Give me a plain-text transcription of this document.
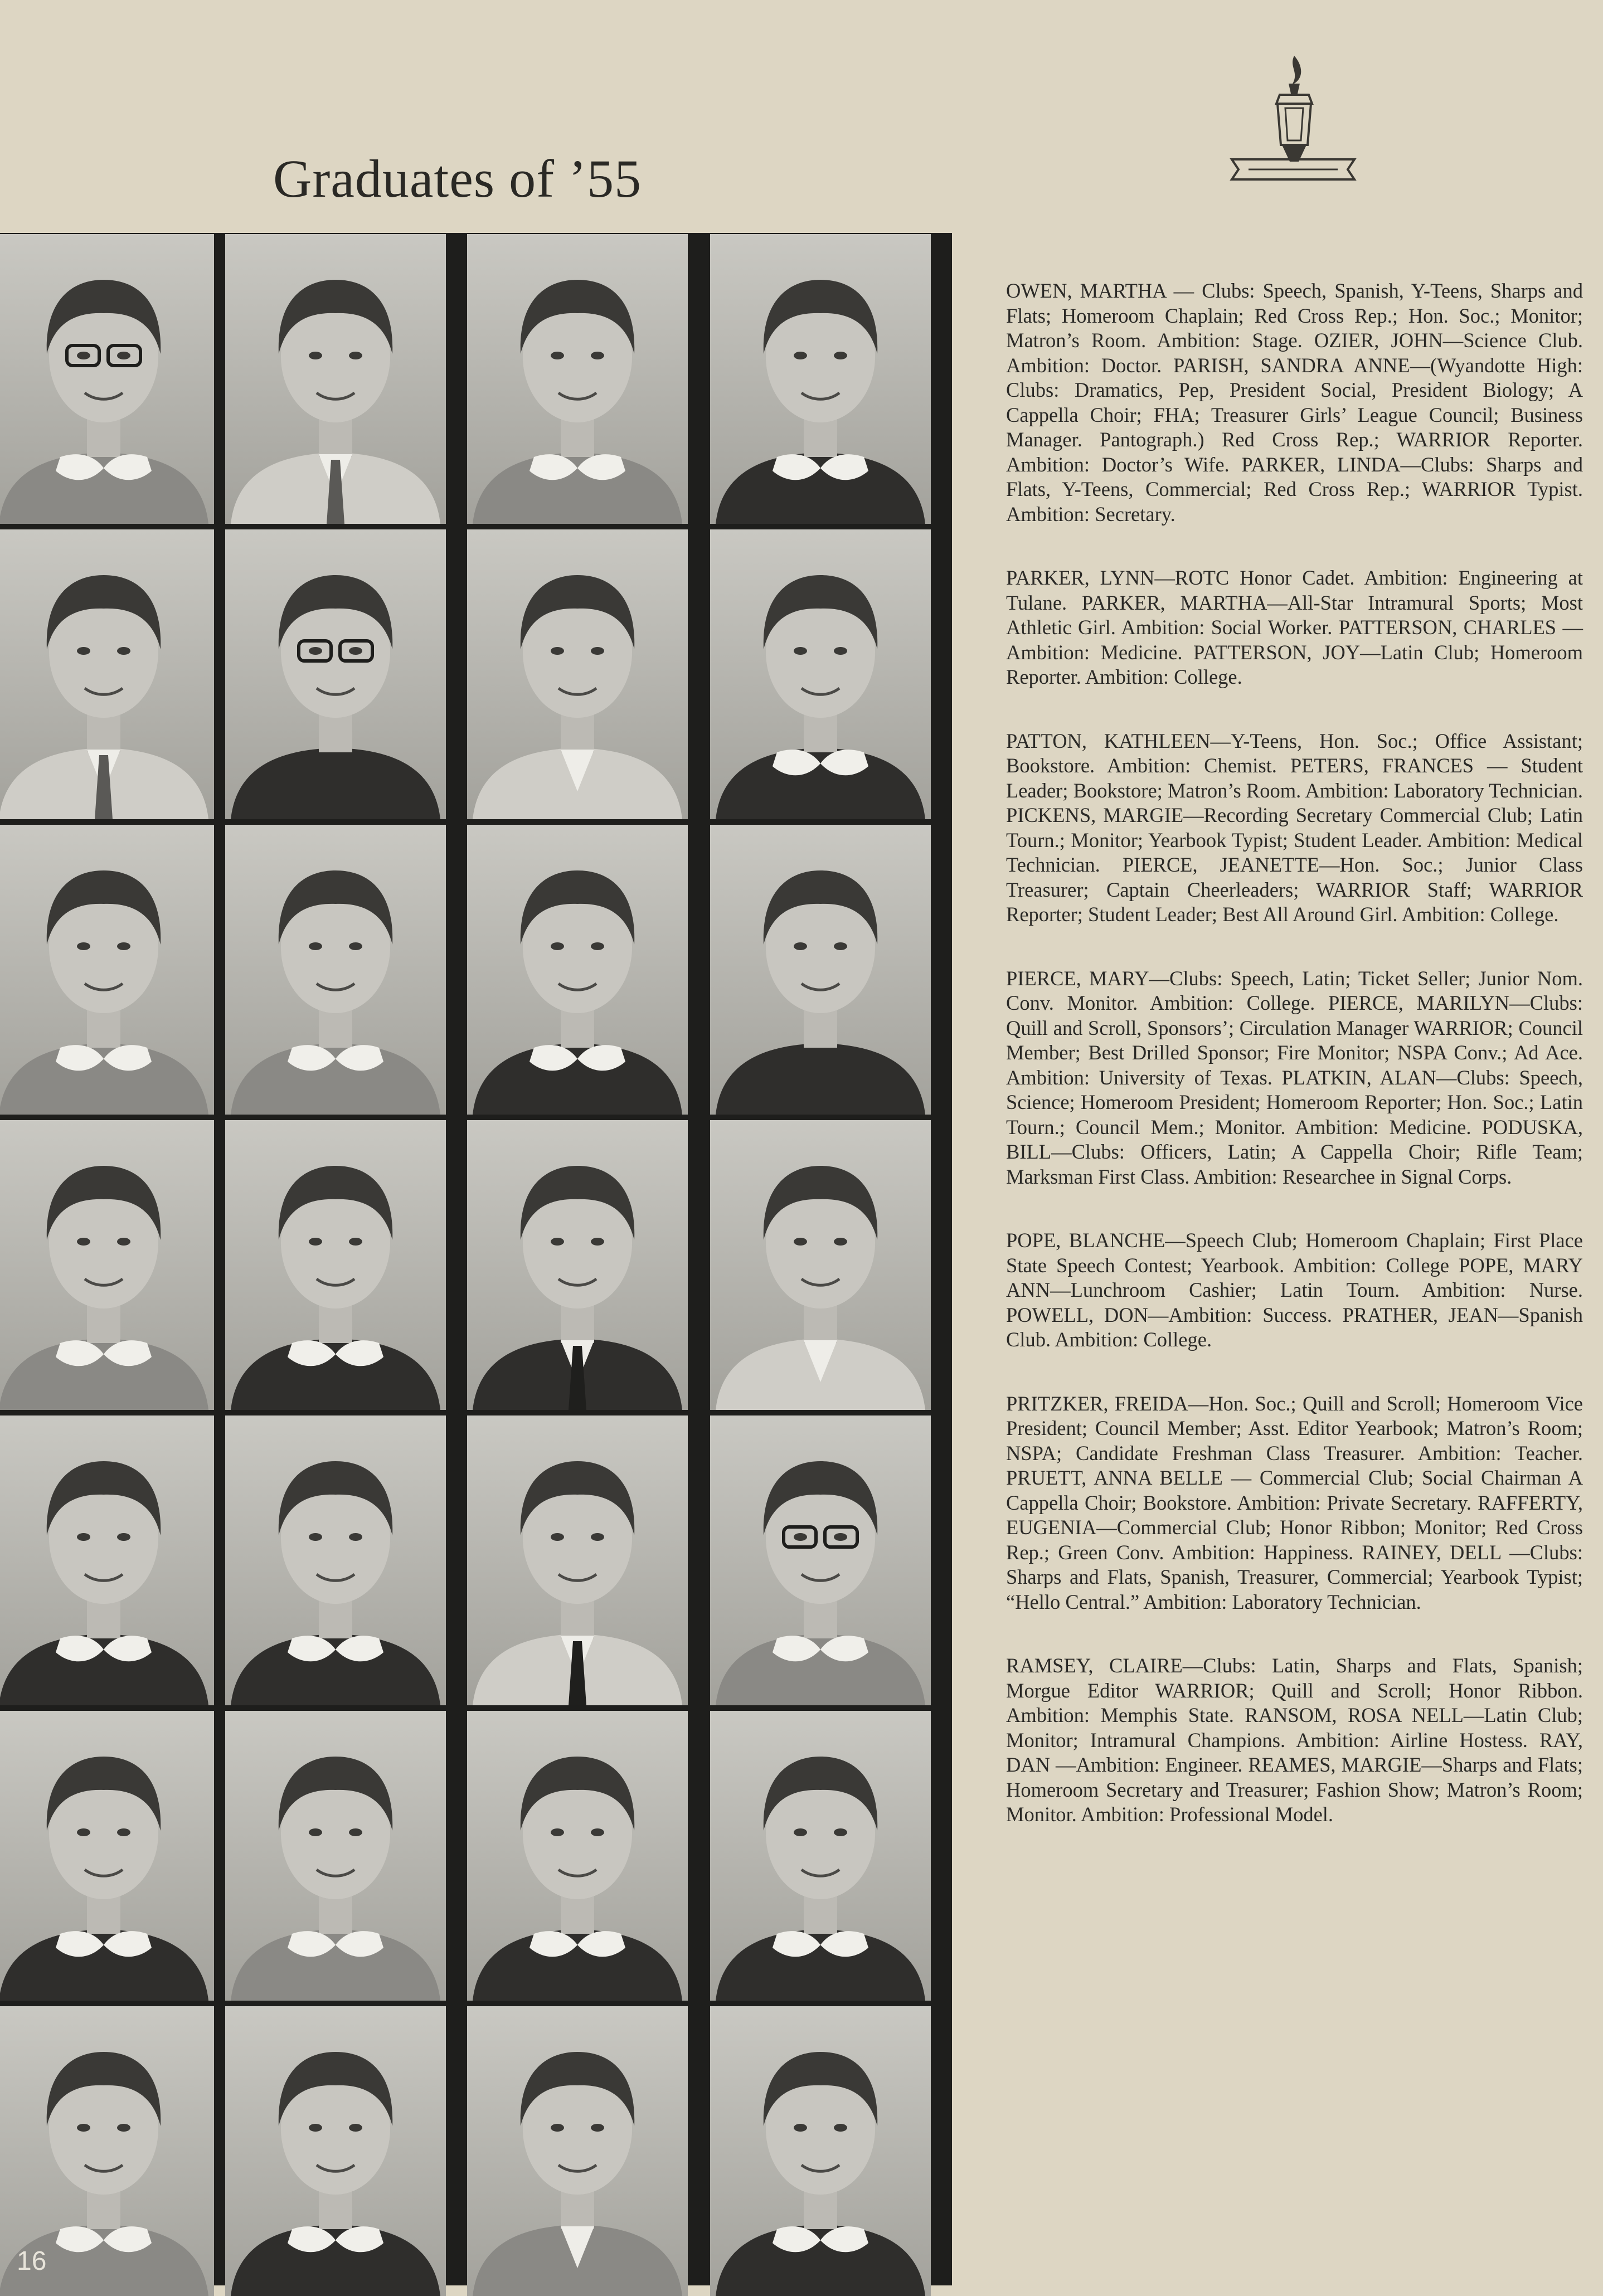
Graduates of ’55
16

OWEN, MARTHA — Clubs: Speech, Spanish, Y-Teens, Sharps and Flats; Homeroom Chaplain; Red Cross Rep.; Hon. Soc.; Monitor; Matron’s Room. Ambition: Stage. OZIER, JOHN—Science Club. Ambition: Doctor. PARISH, SANDRA ANNE—(Wyandotte High: Clubs: Dramatics, Pep, President Social, President Biology; A Cappella Choir; FHA; Treasurer Girls’ League Council; Business Manager. Pantograph.) Red Cross Rep.; WARRIOR Reporter. Ambition: Doctor’s Wife. PARKER, LINDA—Clubs: Sharps and Flats, Y-Teens, Commercial; Red Cross Rep.; WARRIOR Typist. Ambition: Secretary.

PARKER, LYNN—ROTC Honor Cadet. Ambition: Engineering at Tulane. PARKER, MARTHA—All-Star Intramural Sports; Most Athletic Girl. Ambition: Social Worker. PATTERSON, CHARLES — Ambition: Medicine. PATTERSON, JOY—Latin Club; Homeroom Reporter. Ambition: College.

PATTON, KATHLEEN—Y-Teens, Hon. Soc.; Office Assistant; Bookstore. Ambition: Chemist. PETERS, FRANCES — Student Leader; Bookstore; Matron’s Room. Ambition: Laboratory Technician. PICKENS, MARGIE—Recording Secretary Commercial Club; Latin Tourn.; Monitor; Yearbook Typist; Student Leader. Ambition: Medical Technician. PIERCE, JEANETTE—Hon. Soc.; Junior Class Treasurer; Captain Cheerleaders; WARRIOR Staff; WARRIOR Reporter; Student Leader; Best All Around Girl. Ambition: College.

PIERCE, MARY—Clubs: Speech, Latin; Ticket Seller; Junior Nom. Conv. Monitor. Ambition: College. PIERCE, MARILYN—Clubs: Quill and Scroll, Sponsors’; Circulation Manager WARRIOR; Council Member; Best Drilled Sponsor; Fire Monitor; NSPA Conv.; Ad Ace. Ambition: University of Texas. PLATKIN, ALAN—Clubs: Speech, Science; Homeroom President; Homeroom Reporter; Hon. Soc.; Latin Tourn.; Council Mem.; Monitor. Ambition: Medicine. PODUSKA, BILL—Clubs: Officers, Latin; A Cappella Choir; Rifle Team; Marksman First Class. Ambition: Researchee in Signal Corps.

POPE, BLANCHE—Speech Club; Homeroom Chaplain; First Place State Speech Contest; Yearbook. Ambition: College POPE, MARY ANN—Lunchroom Cashier; Latin Tourn. Ambition: Nurse. POWELL, DON—Ambition: Success. PRATHER, JEAN—Spanish Club. Ambition: College.

PRITZKER, FREIDA—Hon. Soc.; Quill and Scroll; Homeroom Vice President; Council Member; Asst. Editor Yearbook; Matron’s Room; NSPA; Candidate Freshman Class Treasurer. Ambition: Teacher. PRUETT, ANNA BELLE — Commercial Club; Social Chairman A Cappella Choir; Bookstore. Ambition: Private Secretary. RAFFERTY, EUGENIA—Commercial Club; Honor Ribbon; Monitor; Red Cross Rep.; Green Conv. Ambition: Happiness. RAINEY, DELL —Clubs: Sharps and Flats, Spanish, Treasurer, Commercial; Yearbook Typist; “Hello Central.” Ambition: Laboratory Technician.

RAMSEY, CLAIRE—Clubs: Latin, Sharps and Flats, Spanish; Morgue Editor WARRIOR; Quill and Scroll; Honor Ribbon. Ambition: Memphis State. RANSOM, ROSA NELL—Latin Club; Monitor; Intramural Champions. Ambition: Airline Hostess. RAY, DAN —Ambition: Engineer. REAMES, MARGIE—Sharps and Flats; Homeroom Secretary and Treasurer; Fashion Show; Matron’s Room; Monitor. Ambition: Professional Model.
